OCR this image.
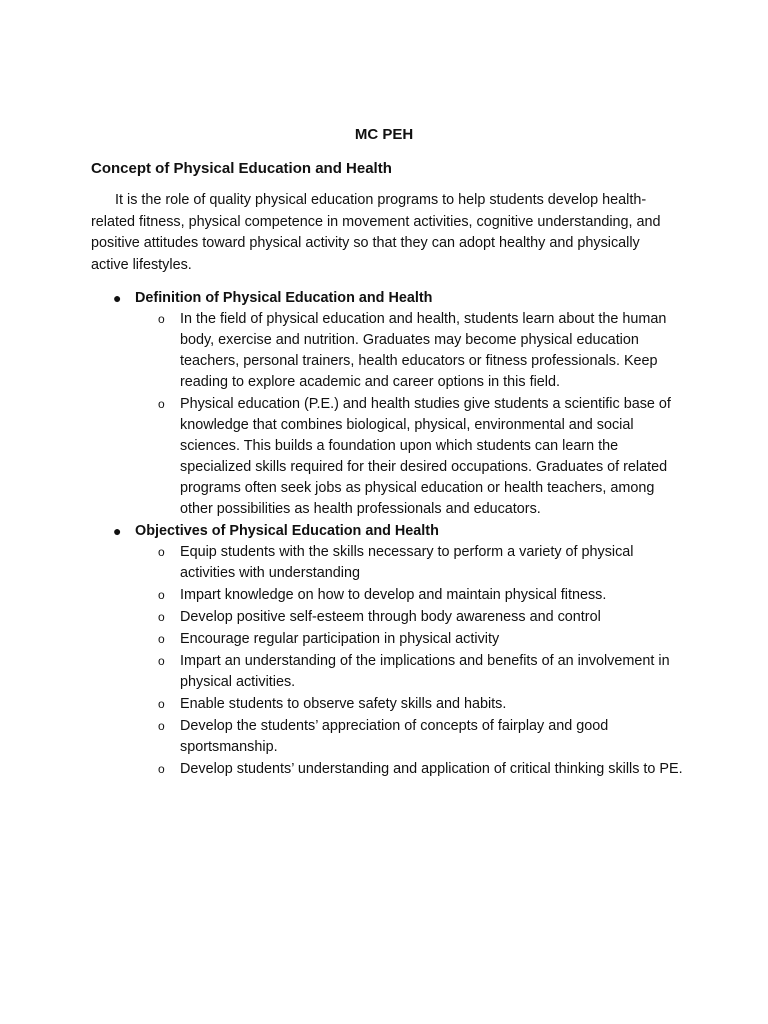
MC PEH
Concept of Physical Education and Health

It is the role of quality physical education programs to help students develop health-related fitness, physical competence in movement activities, cognitive understanding, and positive attitudes toward physical activity so that they can adopt healthy and physically active lifestyles.

● Definition of Physical Education and Health
o In the field of physical education and health, students learn about the human body, exercise and nutrition. Graduates may become physical education teachers, personal trainers, health educators or fitness professionals. Keep reading to explore academic and career options in this field.
o Physical education (P.E.) and health studies give students a scientific base of knowledge that combines biological, physical, environmental and social sciences. This builds a foundation upon which students can learn the specialized skills required for their desired occupations. Graduates of related programs often seek jobs as physical education or health teachers, among other possibilities as health professionals and educators.
● Objectives of Physical Education and Health
o Equip students with the skills necessary to perform a variety of physical activities with understanding
o Impart knowledge on how to develop and maintain physical fitness.
o Develop positive self-esteem through body awareness and control
o Encourage regular participation in physical activity
o Impart an understanding of the implications and benefits of an involvement in physical activities.
o Enable students to observe safety skills and habits.
o Develop the students’ appreciation of concepts of fairplay and good sportsmanship.
o Develop students’ understanding and application of critical thinking skills to PE.
